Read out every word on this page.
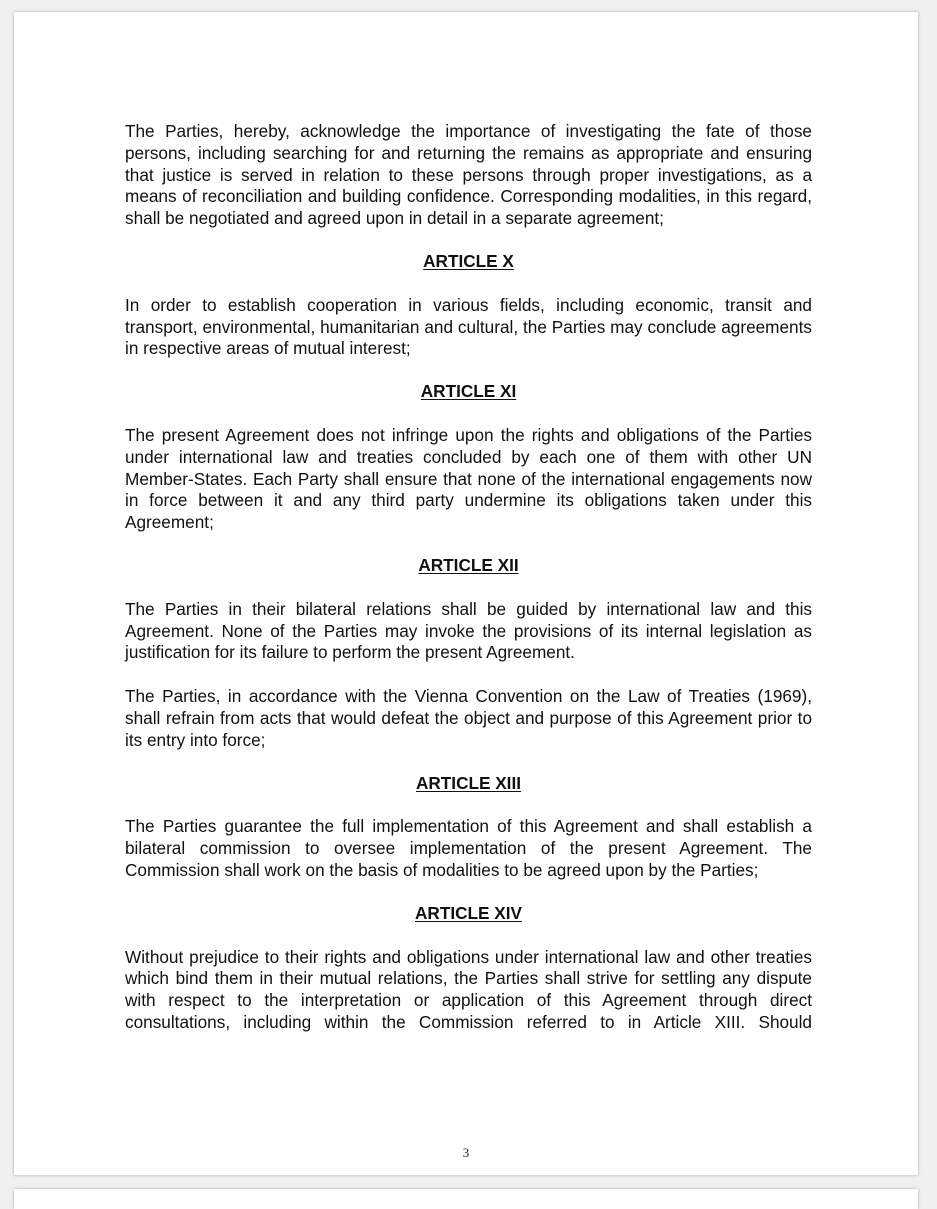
The Parties, hereby, acknowledge the importance of investigating the fate of those persons, including searching for and returning the remains as appropriate and ensuring that justice is served in relation to these persons through proper investigations, as a means of reconciliation and building confidence. Corresponding modalities, in this regard, shall be negotiated and agreed upon in detail in a separate agreement;

ARTICLE X

In order to establish cooperation in various fields, including economic, transit and transport, environmental, humanitarian and cultural, the Parties may conclude agreements in respective areas of mutual interest;

ARTICLE XI

The present Agreement does not infringe upon the rights and obligations of the Parties under international law and treaties concluded by each one of them with other UN Member-States. Each Party shall ensure that none of the international engagements now in force between it and any third party undermine its obligations taken under this Agreement;

ARTICLE XII

The Parties in their bilateral relations shall be guided by international law and this Agreement. None of the Parties may invoke the provisions of its internal legislation as justification for its failure to perform the present Agreement.

The Parties, in accordance with the Vienna Convention on the Law of Treaties (1969), shall refrain from acts that would defeat the object and purpose of this Agreement prior to its entry into force;

ARTICLE XIII

The Parties guarantee the full implementation of this Agreement and shall establish a bilateral commission to oversee implementation of the present Agreement. The Commission shall work on the basis of modalities to be agreed upon by the Parties;

ARTICLE XIV

Without prejudice to their rights and obligations under international law and other treaties which bind them in their mutual relations, the Parties shall strive for settling any dispute with respect to the interpretation or application of this Agreement through direct consultations, including within the Commission referred to in Article XIII. Should

3
